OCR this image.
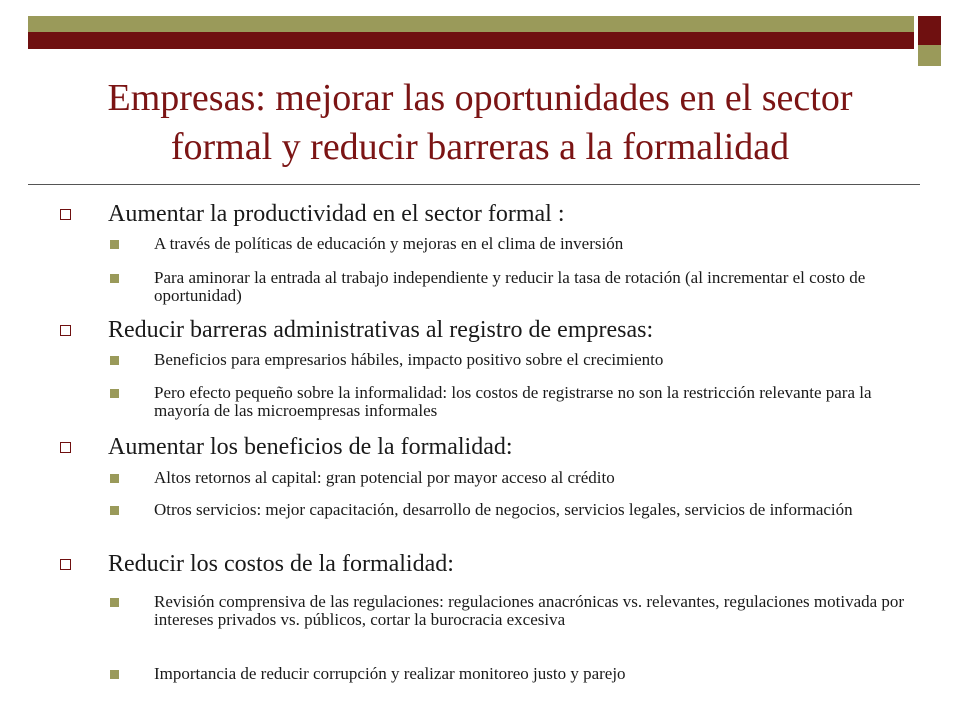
Empresas: mejorar las oportunidades en el sector
formal y reducir barreras a la formalidad
Aumentar la productividad en el sector formal :
A través de políticas de educación y mejoras en el clima de inversión
Para aminorar la entrada al trabajo independiente y reducir la tasa de rotación (al incrementar el costo de oportunidad)
Reducir barreras administrativas al registro de empresas:
Beneficios para empresarios hábiles, impacto positivo sobre el crecimiento
Pero efecto pequeño sobre la informalidad: los costos de registrarse no son la restricción relevante para la mayoría de las microempresas informales
Aumentar los beneficios de la formalidad:
Altos retornos al capital: gran potencial por mayor acceso al crédito
Otros servicios: mejor capacitación, desarrollo de negocios, servicios legales, servicios de información
Reducir los costos de la formalidad:
Revisión comprensiva de las regulaciones: regulaciones anacrónicas vs. relevantes, regulaciones motivada por intereses privados vs. públicos, cortar la burocracia excesiva
Importancia de reducir corrupción y realizar monitoreo justo y parejo
